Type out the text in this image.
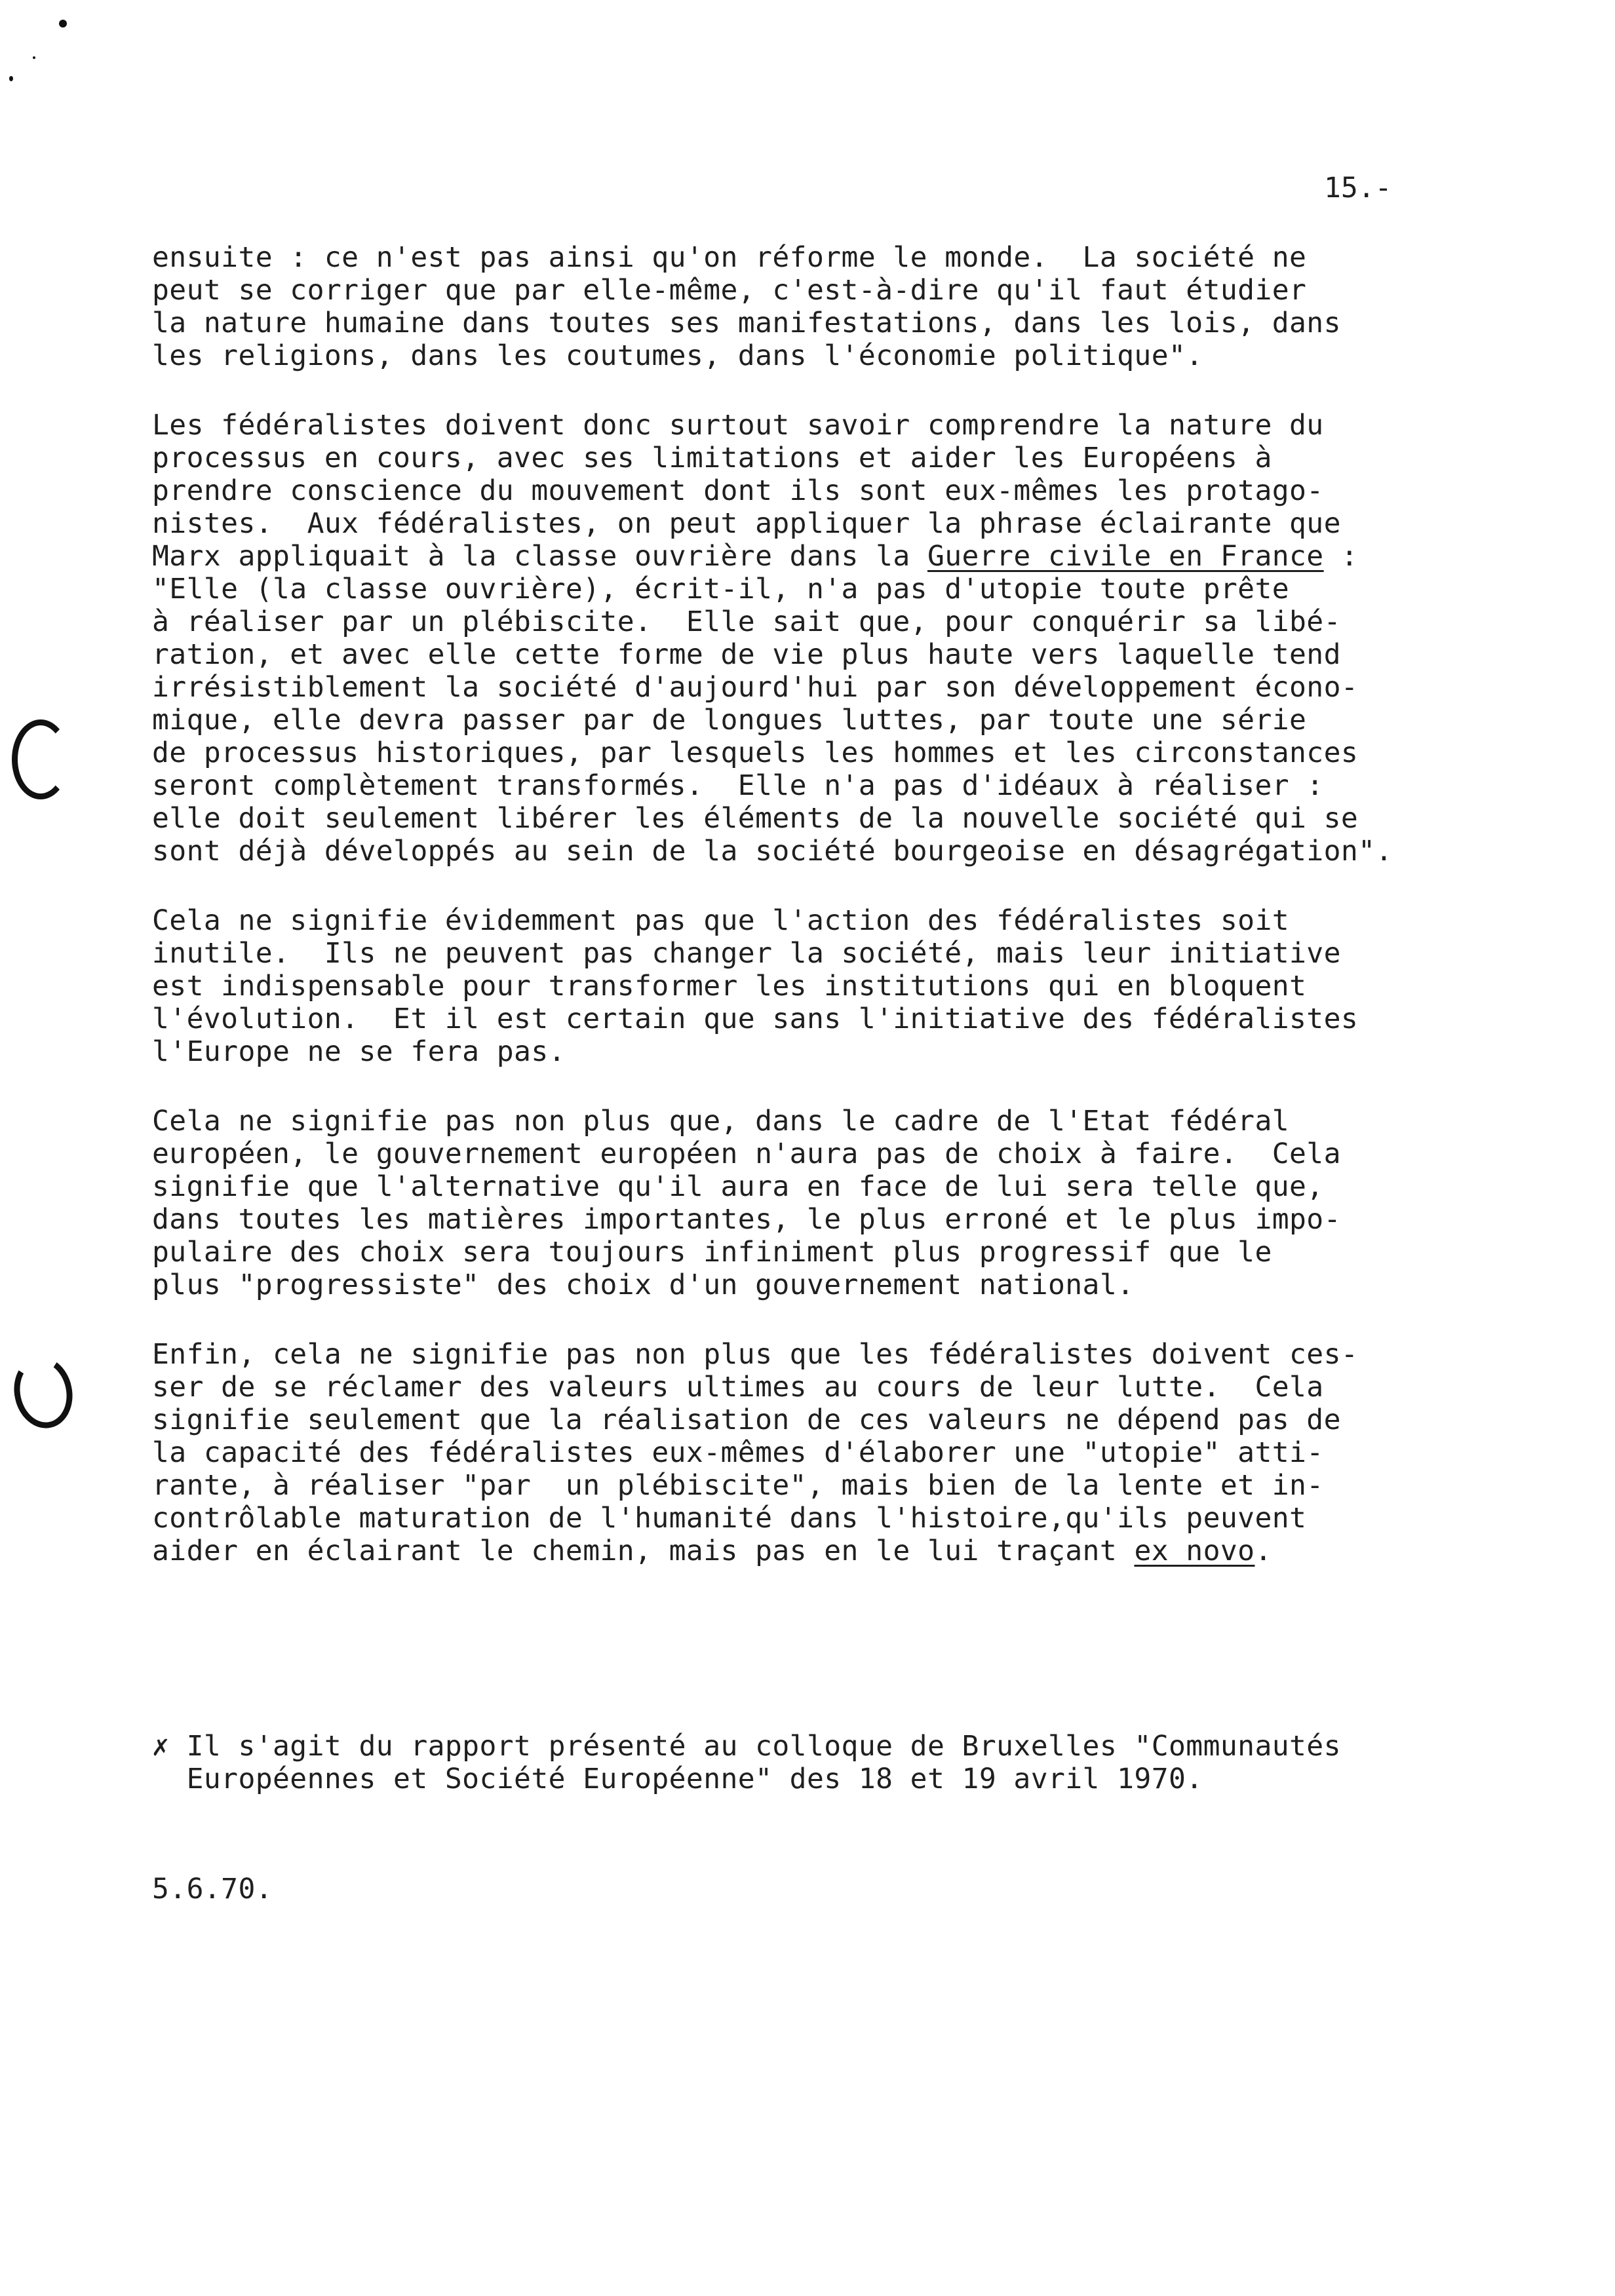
15.-
ensuite : ce n'est pas ainsi qu'on réforme le monde.  La société ne
peut se corriger que par elle-même, c'est-à-dire qu'il faut étudier
la nature humaine dans toutes ses manifestations, dans les lois, dans
les religions, dans les coutumes, dans l'économie politique".
Les fédéralistes doivent donc surtout savoir comprendre la nature du
processus en cours, avec ses limitations et aider les Européens à
prendre conscience du mouvement dont ils sont eux-mêmes les protago-
nistes.  Aux fédéralistes, on peut appliquer la phrase éclairante que
Marx appliquait à la classe ouvrière dans la Guerre civile en France :
"Elle (la classe ouvrière), écrit-il, n'a pas d'utopie toute prête
à réaliser par un plébiscite.  Elle sait que, pour conquérir sa libé-
ration, et avec elle cette forme de vie plus haute vers laquelle tend
irrésistiblement la société d'aujourd'hui par son développement écono-
mique, elle devra passer par de longues luttes, par toute une série
de processus historiques, par lesquels les hommes et les circonstances
seront complètement transformés.  Elle n'a pas d'idéaux à réaliser :
elle doit seulement libérer les éléments de la nouvelle société qui se
sont déjà développés au sein de la société bourgeoise en désagrégation".
Cela ne signifie évidemment pas que l'action des fédéralistes soit
inutile.  Ils ne peuvent pas changer la société, mais leur initiative
est indispensable pour transformer les institutions qui en bloquent
l'évolution.  Et il est certain que sans l'initiative des fédéralistes
l'Europe ne se fera pas.
Cela ne signifie pas non plus que, dans le cadre de l'Etat fédéral
européen, le gouvernement européen n'aura pas de choix à faire.  Cela
signifie que l'alternative qu'il aura en face de lui sera telle que,
dans toutes les matières importantes, le plus erroné et le plus impo-
pulaire des choix sera toujours infiniment plus progressif que le
plus "progressiste" des choix d'un gouvernement national.
Enfin, cela ne signifie pas non plus que les fédéralistes doivent ces-
ser de se réclamer des valeurs ultimes au cours de leur lutte.  Cela
signifie seulement que la réalisation de ces valeurs ne dépend pas de
la capacité des fédéralistes eux-mêmes d'élaborer une "utopie" atti-
rante, à réaliser "par  un plébiscite", mais bien de la lente et in-
contrôlable maturation de l'humanité dans l'histoire,qu'ils peuvent
aider en éclairant le chemin, mais pas en le lui traçant ex novo.
✗ Il s'agit du rapport présenté au colloque de Bruxelles "Communautés
Européennes et Société Européenne" des 18 et 19 avril 1970.
5.6.70.
